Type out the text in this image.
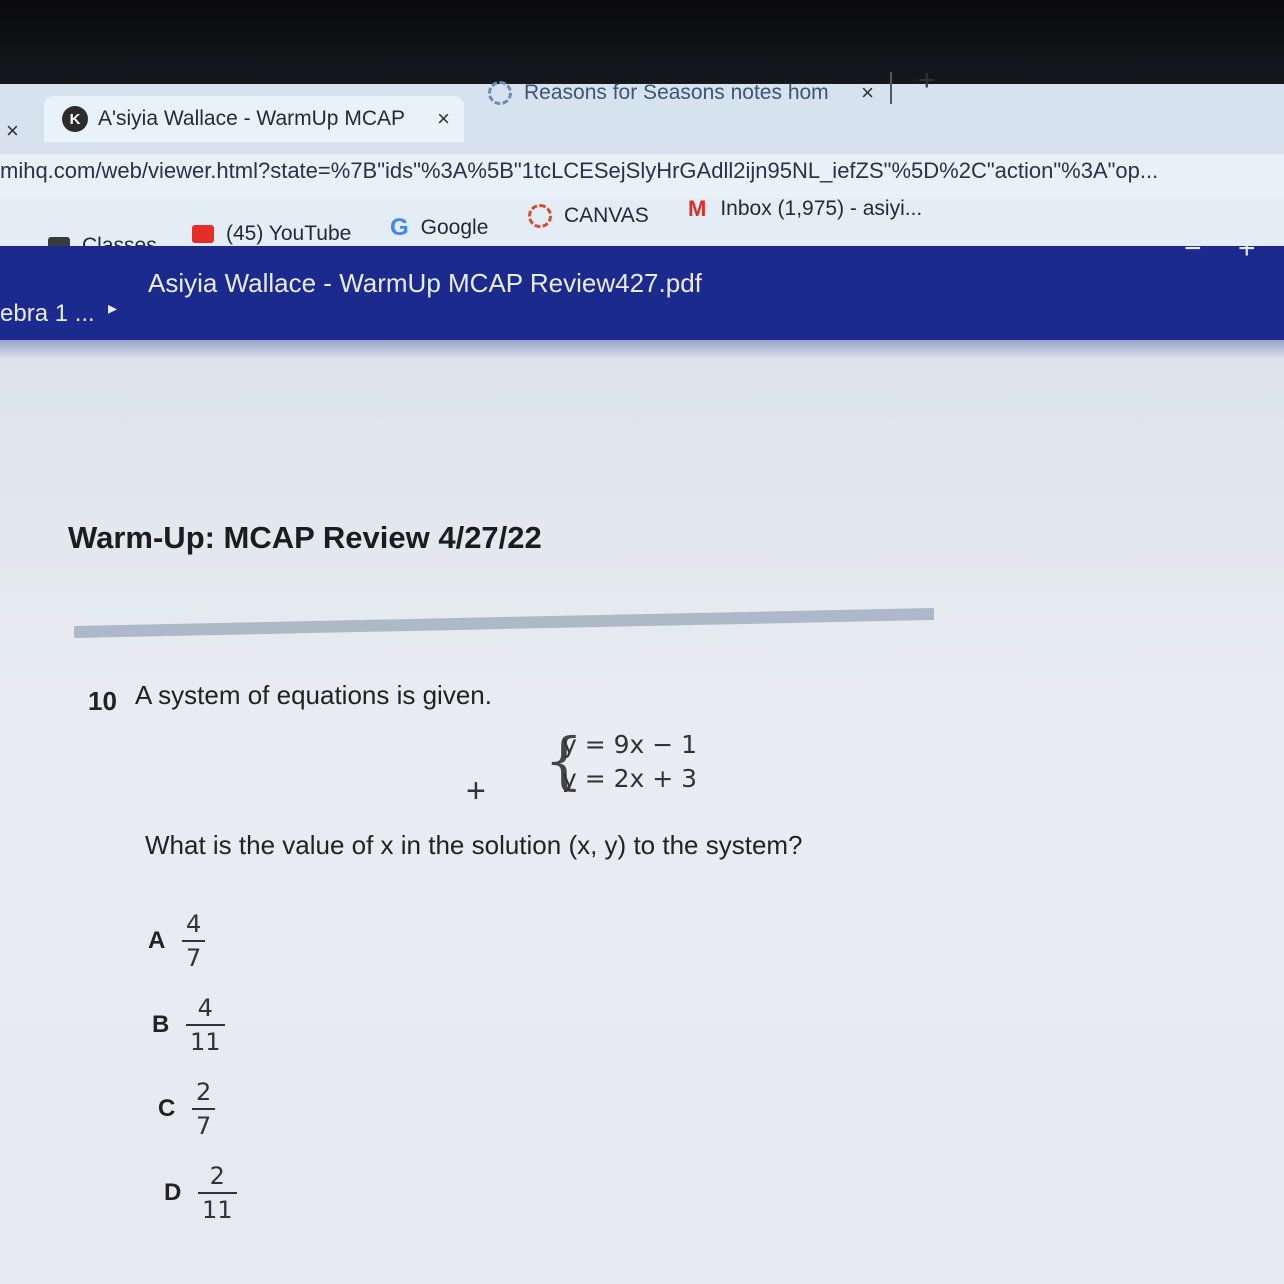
×	K A'siyia Wallace - WarmUp MCAP ×
Reasons for Seasons notes hom × +
mihq.com/web/viewer.html?state=%7B"ids"%3A%5B"1tcLCESejSlyHrGAdll2ijn95NL_iefZS"%5D%2C"action"%3A"op...
(45) YouTube G Google
CANVAS M Inbox (1,975) - asiyi...
ebra 1 ... ▸
Asiyia Wallace - WarmUp MCAP Review427.pdf
− +
Warm-Up: MCAP Review 4/27/22
10 A system of equations is given.
+ {
y = 9x − 1
y = 2x + 3
What is the value of x in the solution (x, y) to the system?
A $\frac{4}{7}$
B $\frac{4}{11}$
C $\frac{2}{7}$
D $\frac{2}{11}$
